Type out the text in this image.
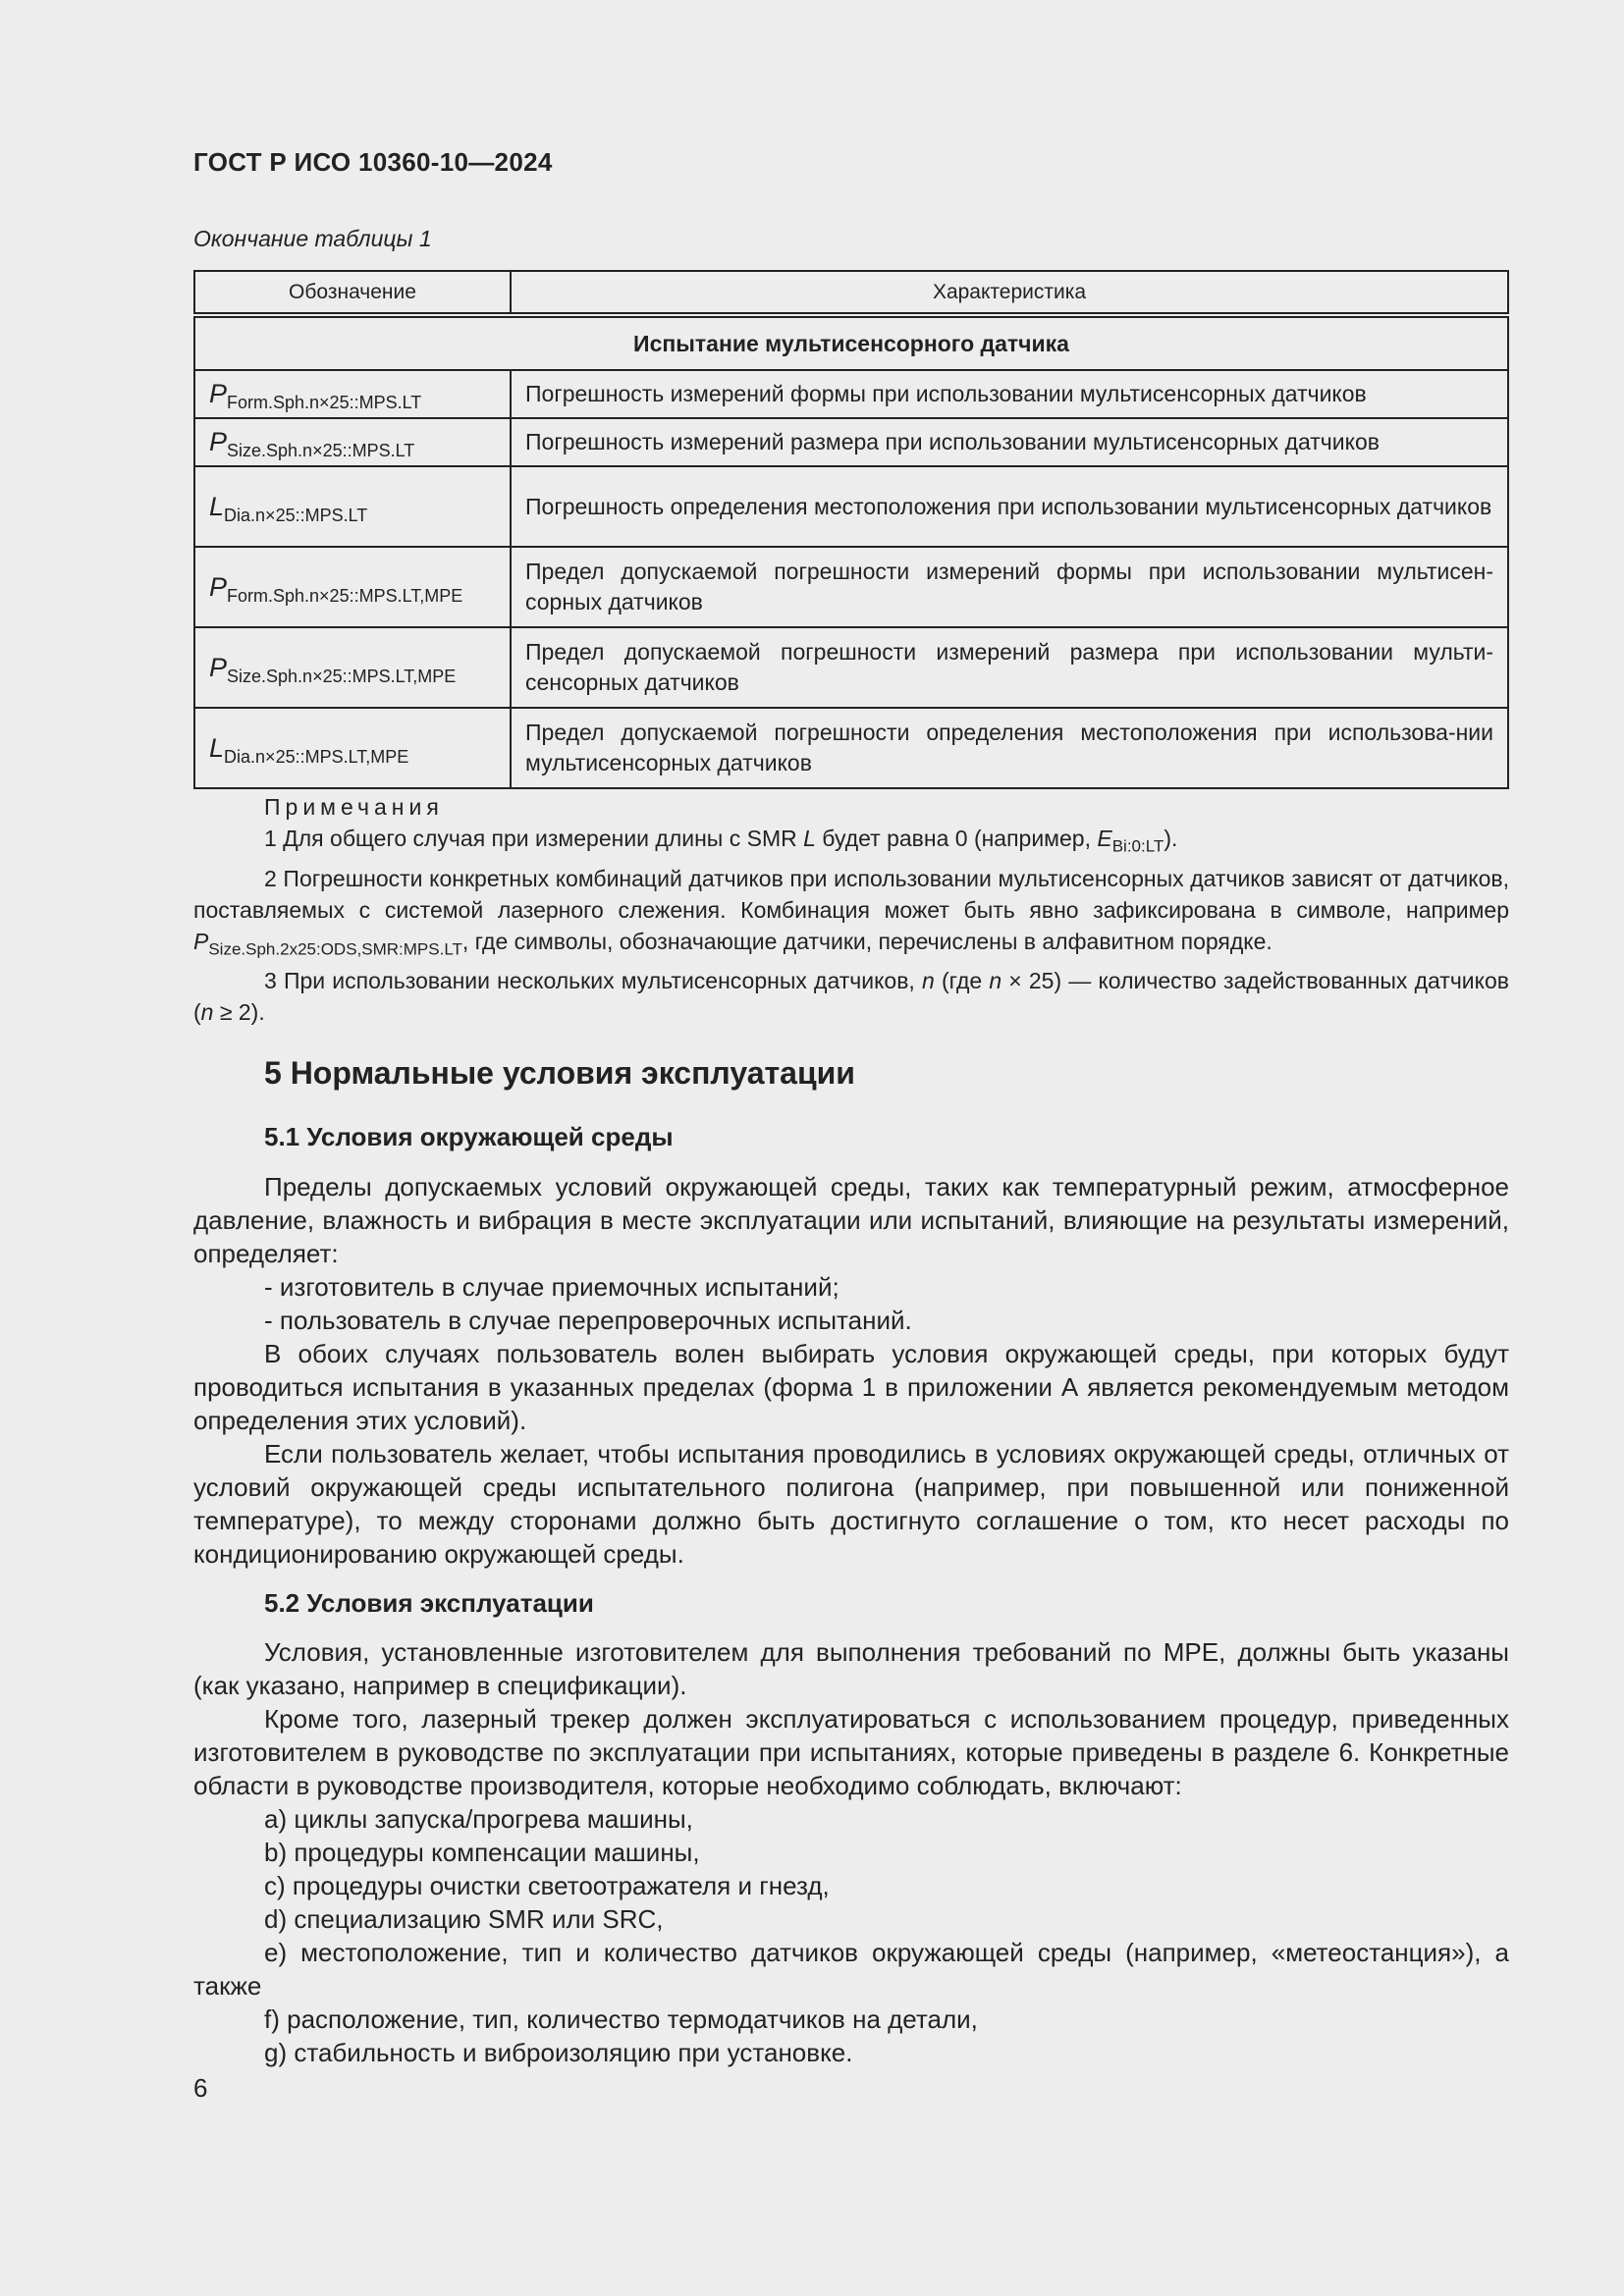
ГОСТ Р ИСО 10360-10—2024
Окончание таблицы 1
Обозначение	Характеристика
Испытание мультисенсорного датчика	
$P_{Form.Sph.n\times 25::MPS.LT}$	Погрешность измерений формы при использовании мультисенсорных датчиков
$P_{Size.Sph.n\times 25::MPS.LT}$	Погрешность измерений размера при использовании мультисенсорных датчиков
$L_{Dia.n\times 25::MPS.LT}$	Погрешность определения местоположения при использовании мультисенсорных датчиков
$P_{Form.Sph.n\times 25::MPS.LT,MPE}$	Предел допускаемой погрешности измерений формы при использовании мультисен-сорных датчиков
$P_{Size.Sph.n\times 25::MPS.LT,MPE}$	Предел допускаемой погрешности измерений размера при использовании мульти-сенсорных датчиков
$L_{Dia.n\times 25::MPS.LT,MPE}$	Предел допускаемой погрешности определения местоположения при использова-нии мультисенсорных датчиков
Примечания

1 Для общего случая при измерении длины с SMR L будет равна 0 (например, $E_{Bi:0:LT}$).

2 Погрешности конкретных комбинаций датчиков при использовании мультисенсорных датчиков зависят от датчиков, поставляемых с системой лазерного слежения. Комбинация может быть явно зафиксирована в символе, например $P_{Size.Sph.2x25:ODS,SMR:MPS.LT}$, где символы, обозначающие датчики, перечислены в алфавитном порядке.

3 При использовании нескольких мультисенсорных датчиков, n (где n × 25) — количество задействованных датчиков (n ≥ 2).

5 Нормальные условия эксплуатации
5.1 Условия окружающей среды

Пределы допускаемых условий окружающей среды, таких как температурный режим, атмосферное давление, влажность и вибрация в месте эксплуатации или испытаний, влияющие на результаты измерений, определяет:

- изготовитель в случае приемочных испытаний;

- пользователь в случае перепроверочных испытаний.

В обоих случаях пользователь волен выбирать условия окружающей среды, при которых будут проводиться испытания в указанных пределах (форма 1 в приложении А является рекомендуемым методом определения этих условий).

Если пользователь желает, чтобы испытания проводились в условиях окружающей среды, отличных от условий окружающей среды испытательного полигона (например, при повышенной или пониженной температуре), то между сторонами должно быть достигнуто соглашение о том, кто несет расходы по кондиционированию окружающей среды.

5.2 Условия эксплуатации

Условия, установленные изготовителем для выполнения требований по MPE, должны быть указаны (как указано, например в спецификации).

Кроме того, лазерный трекер должен эксплуатироваться с использованием процедур, приведенных изготовителем в руководстве по эксплуатации при испытаниях, которые приведены в разделе 6. Конкретные области в руководстве производителя, которые необходимо соблюдать, включают:

a) циклы запуска/прогрева машины,

b) процедуры компенсации машины,

c) процедуры очистки светоотражателя и гнезд,

d) специализацию SMR или SRC,

e) местоположение, тип и количество датчиков окружающей среды (например, «метеостанция»), а также

f) расположение, тип, количество термодатчиков на детали,

g) стабильность и виброизоляцию при установке.

6
